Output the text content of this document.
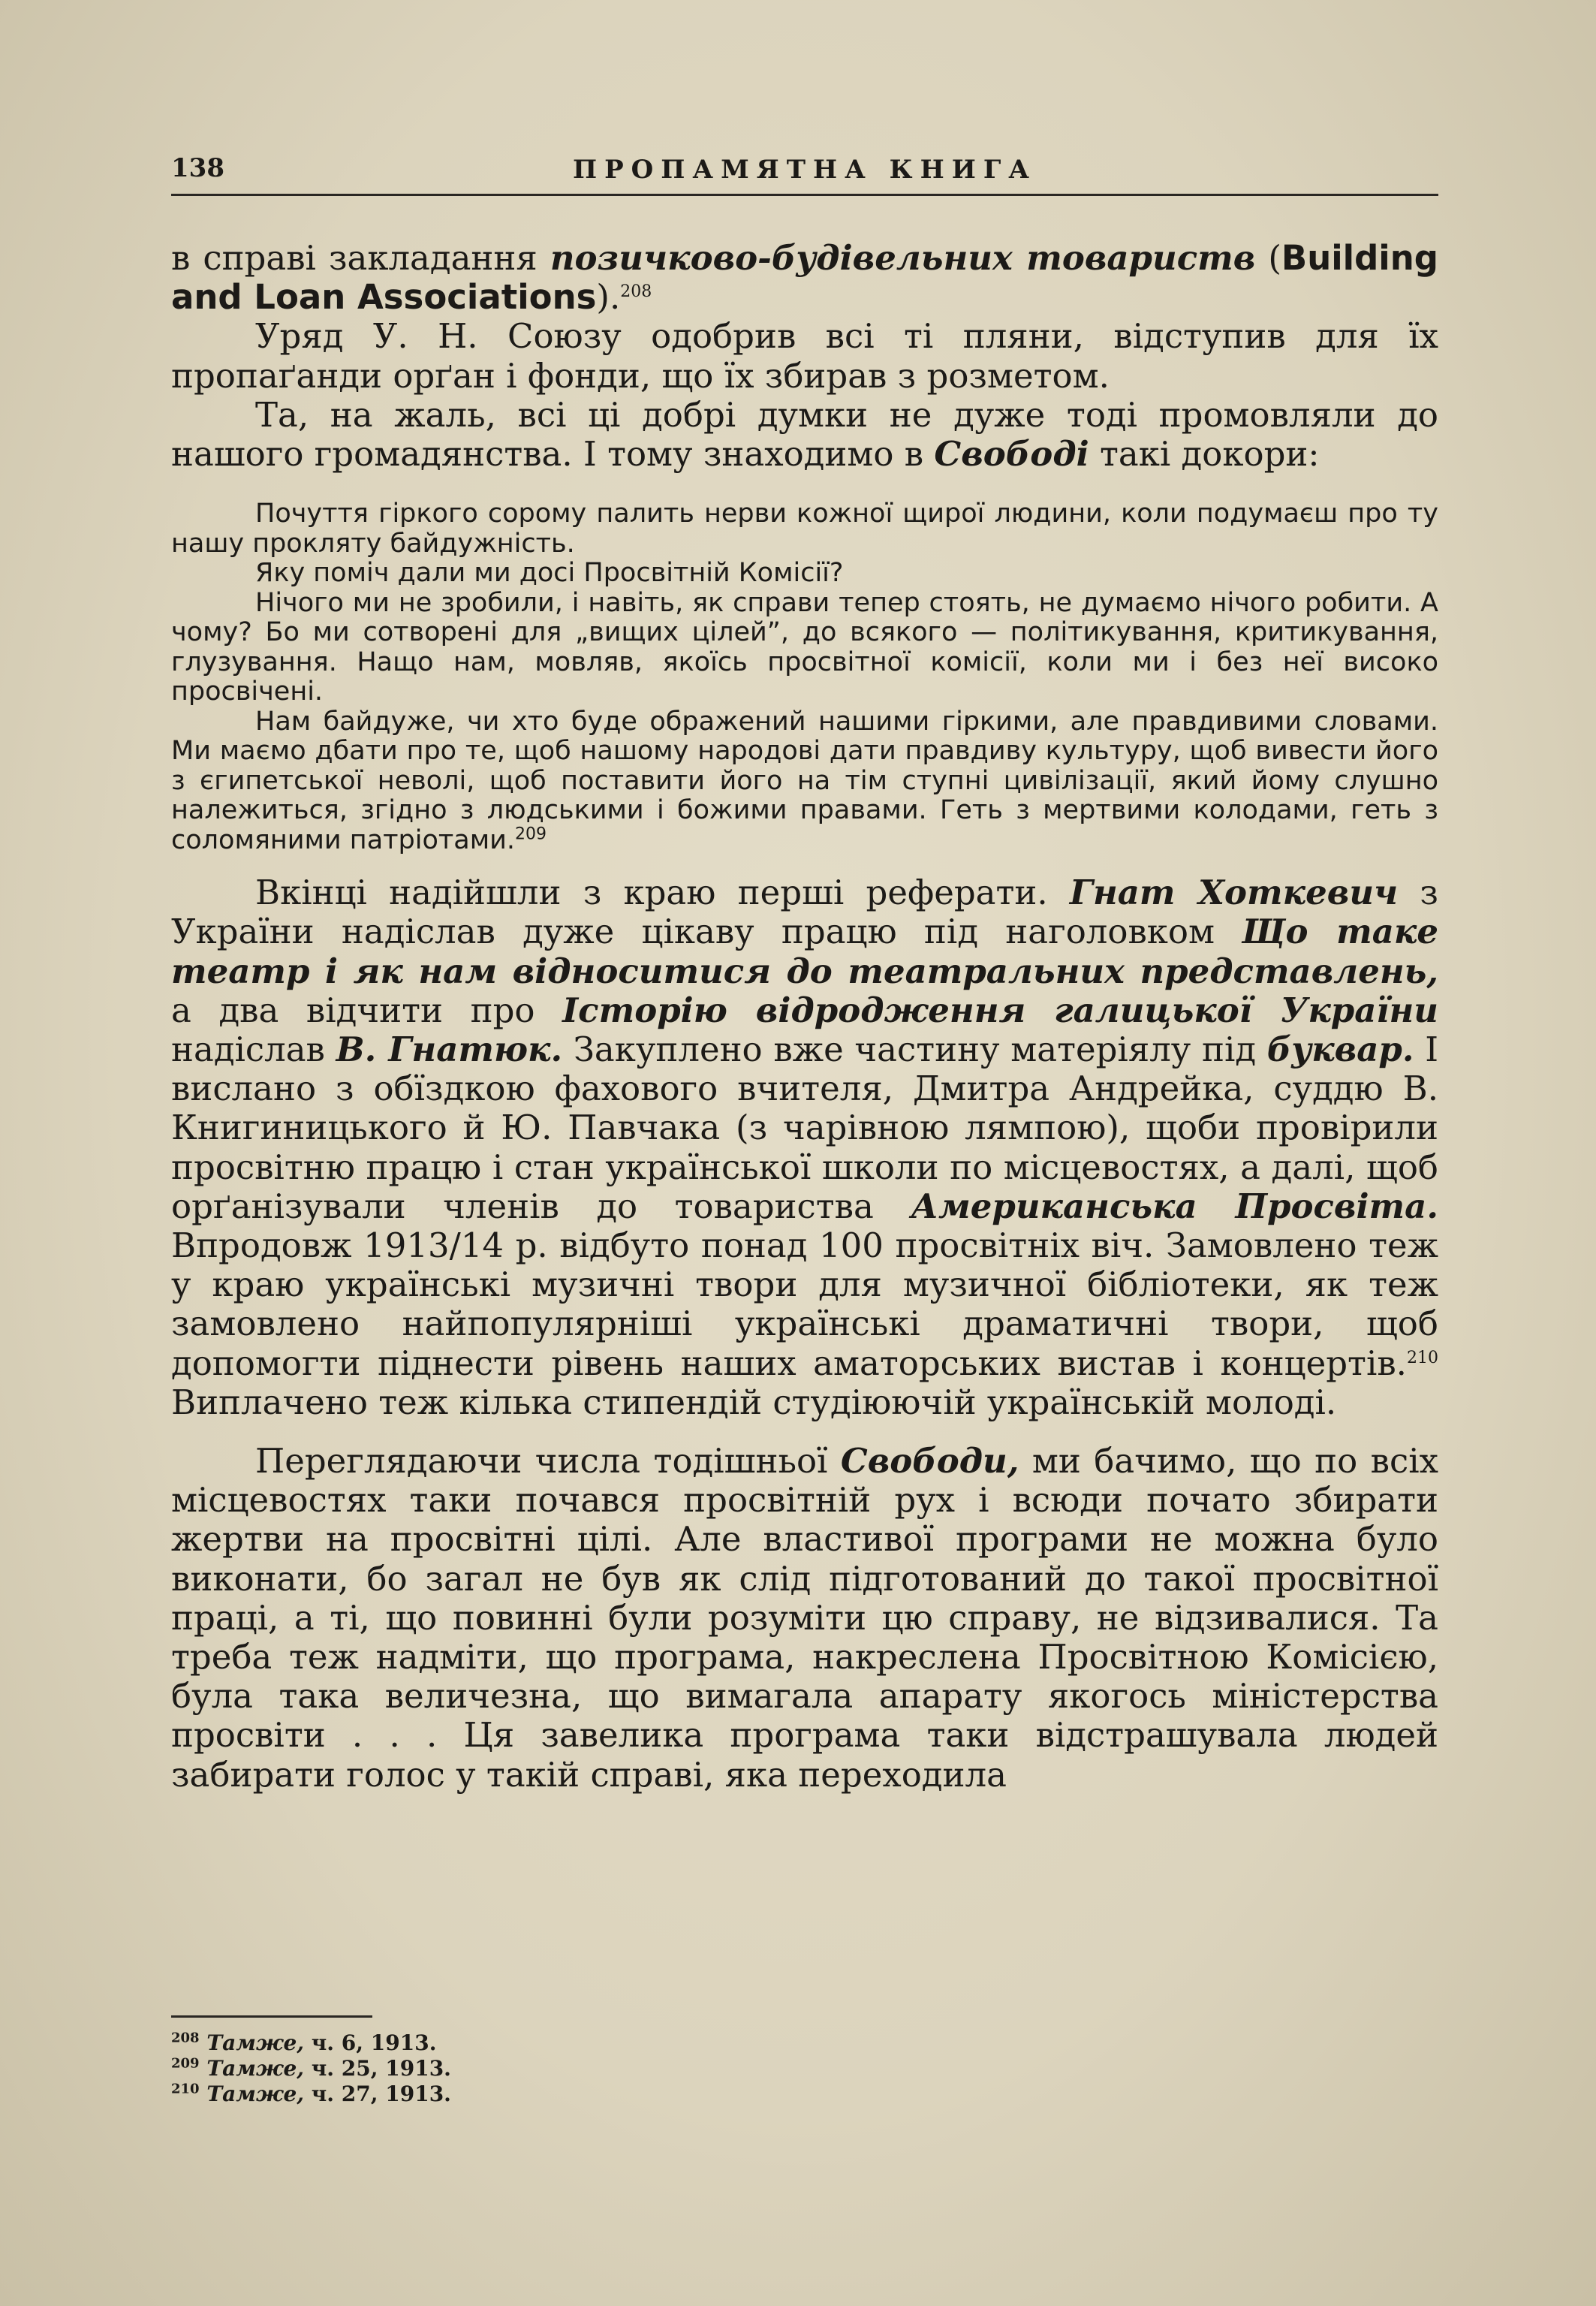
138	ПРОПАМЯТНА КНИГА

в справі закладання позичково-будівельних товариств (Building and Loan Associations).$^{208}$

Уряд У. Н. Союзу одобрив всі ті пляни, відступив для їх пропаґанди орґан і фонди, що їх збирав з розметом.

Та, на жаль, всі ці добрі думки не дуже тоді промовляли до нашого громадянства. І тому знаходимо в Свободі такі докори:

Почуття гіркого сорому палить нерви кожної щирої людини, коли подумаєш про ту нашу прокляту байдужність.

Яку поміч дали ми досі Просвітній Комісії?

Нічого ми не зробили, і навіть, як справи тепер стоять, не думаємо нічого робити. А чому? Бо ми сотворені для „вищих цілей”, до всякого — політикування, критикування, глузування. Нащо нам, мовляв, якоїсь просвітної комісії, коли ми і без неї високо просвічені.

Нам байдуже, чи хто буде ображений нашими гіркими, але правдивими словами. Ми маємо дбати про те, щоб нашому народові дати правдиву культуру, щоб вивести його з єгипетської неволі, щоб поставити його на тім ступні цивілізації, який йому слушно належиться, згідно з людськими і божими правами. Геть з мертвими колодами, геть з соломяними патріотами.$^{209}$

Вкінці надійшли з краю перші реферати. Гнат Хоткевич з України надіслав дуже цікаву працю під наголовком Що таке театр і як нам відноситися до театральних представлень, а два відчити про Історію відродження галицької України надіслав В. Гнатюк. Закуплено вже частину матеріялу під буквар. І вислано з обїздкою фахового вчителя, Дмитра Андрейка, суддю В. Книгиницького й Ю. Павчака (з чарівною лямпою), щоби провірили просвітню працю і стан української школи по місцевостях, а далі, щоб орґанізували членів до товариства Американська Просвіта. Впродовж 1913/14 р. відбуто понад 100 просвітніх віч. Замовлено теж у краю українські музичні твори для музичної бібліотеки, як теж замовлено найпопулярніші українські драматичні твори, щоб допомогти піднести рівень наших аматорських вистав і концертів.$^{210}$ Виплачено теж кілька стипендій студіюючій українській молоді.

Переглядаючи числа тодішньої Свободи, ми бачимо, що по всіх місцевостях таки почався просвітній рух і всюди почато збирати жертви на просвітні цілі. Але властивої програми не можна було виконати, бо загал не був як слід підготований до такої просвітної праці, а ті, що повинні були розуміти цю справу, не відзивалися. Та треба теж надміти, що програма, накреслена Просвітною Комісією, була така величезна, що вимагала апарату якогось міністерства просвіти . . . Ця завелика програма таки відстрашувала людей забирати голос у такій справі, яка переходила

$^{208}$ Тамже, ч. 6, 1913.
$^{209}$ Тамже, ч. 25, 1913.
$^{210}$ Тамже, ч. 27, 1913.
